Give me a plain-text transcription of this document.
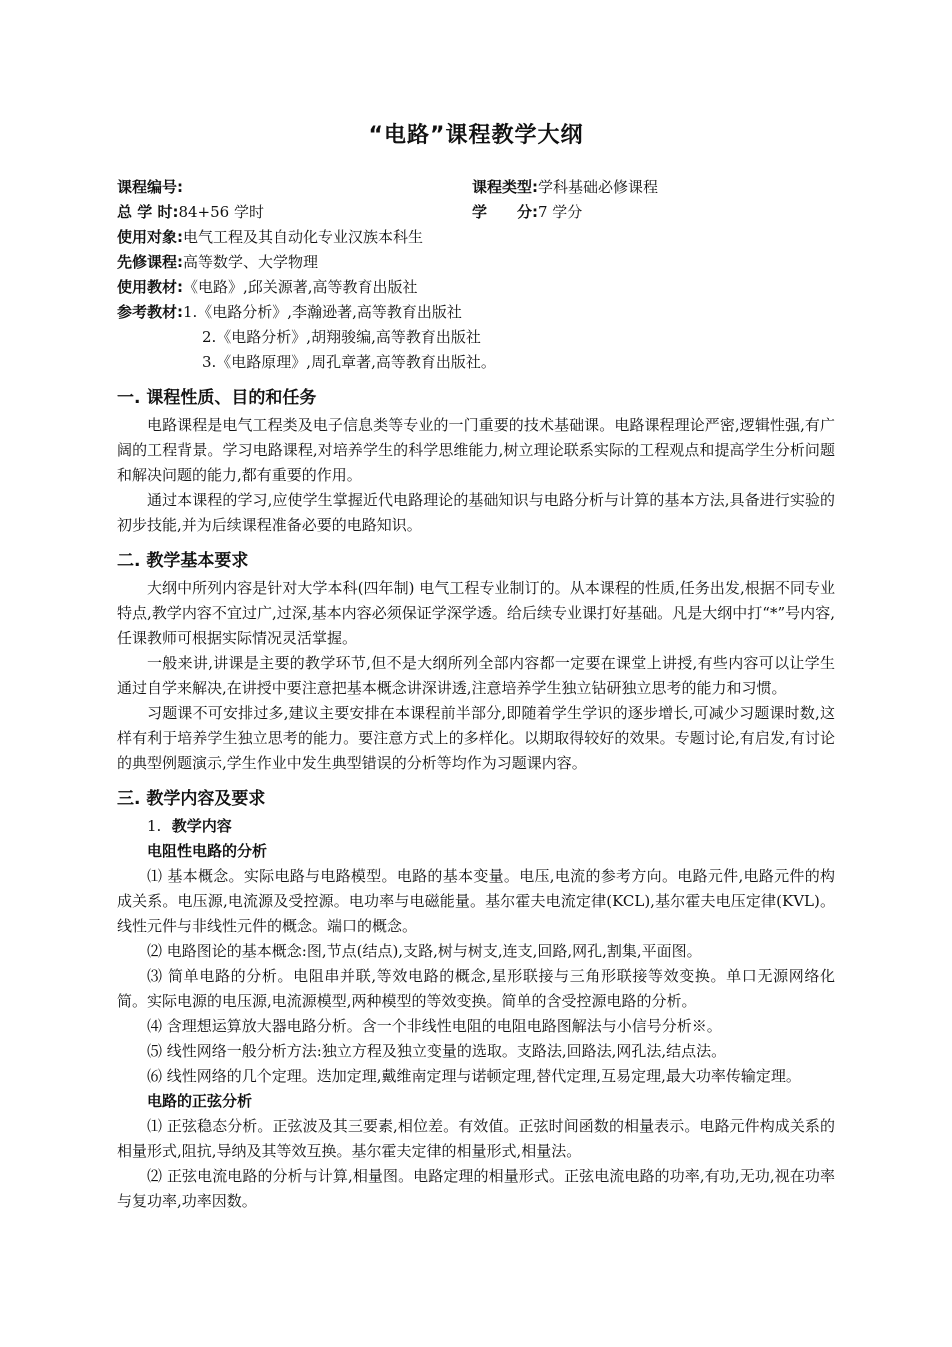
“电路”课程教学大纲
课程编号:	课程类型:学科基础必修课程
总 学 时:84+56 学时	学　　分:7 学分
使用对象:电气工程及其自动化专业汉族本科生
先修课程:高等数学、大学物理
使用教材:《电路》,邱关源著,高等教育出版社
参考教材:1.《电路分析》,李瀚逊著,高等教育出版社
2.《电路分析》,胡翔骏编,高等教育出版社
3.《电路原理》,周孔章著,高等教育出版社。
一. 课程性质、目的和任务

电路课程是电气工程类及电子信息类等专业的一门重要的技术基础课。电路课程理论严密,逻辑性强,有广阔的工程背景。学习电路课程,对培养学生的科学思维能力,树立理论联系实际的工程观点和提高学生分析问题和解决问题的能力,都有重要的作用。

通过本课程的学习,应使学生掌握近代电路理论的基础知识与电路分析与计算的基本方法,具备进行实验的初步技能,并为后续课程准备必要的电路知识。

二. 教学基本要求

大纲中所列内容是针对大学本科(四年制) 电气工程专业制订的。从本课程的性质,任务出发,根据不同专业特点,教学内容不宜过广,过深,基本内容必须保证学深学透。给后续专业课打好基础。凡是大纲中打“*”号内容,任课教师可根据实际情况灵活掌握。

一般来讲,讲课是主要的教学环节,但不是大纲所列全部内容都一定要在课堂上讲授,有些内容可以让学生通过自学来解决,在讲授中要注意把基本概念讲深讲透,注意培养学生独立钻研独立思考的能力和习惯。

习题课不可安排过多,建议主要安排在本课程前半部分,即随着学生学识的逐步增长,可减少习题课时数,这样有利于培养学生独立思考的能力。要注意方式上的多样化。以期取得较好的效果。专题讨论,有启发,有讨论的典型例题演示,学生作业中发生典型错误的分析等均作为习题课内容。

三. 教学内容及要求
1. 教学内容
电阻性电路的分析

⑴ 基本概念。实际电路与电路模型。电路的基本变量。电压,电流的参考方向。电路元件,电路元件的构成关系。电压源,电流源及受控源。电功率与电磁能量。基尔霍夫电流定律(KCL),基尔霍夫电压定律(KVL)。线性元件与非线性元件的概念。端口的概念。

⑵ 电路图论的基本概念:图,节点(结点),支路,树与树支,连支,回路,网孔,割集,平面图。

⑶ 简单电路的分析。电阻串并联,等效电路的概念,星形联接与三角形联接等效变换。单口无源网络化简。实际电源的电压源,电流源模型,两种模型的等效变换。简单的含受控源电路的分析。

⑷ 含理想运算放大器电路分析。含一个非线性电阻的电阻电路图解法与小信号分析※。

⑸ 线性网络一般分析方法:独立方程及独立变量的选取。支路法,回路法,网孔法,结点法。

⑹ 线性网络的几个定理。迭加定理,戴维南定理与诺顿定理,替代定理,互易定理,最大功率传输定理。

电路的正弦分析

⑴ 正弦稳态分析。正弦波及其三要素,相位差。有效值。正弦时间函数的相量表示。电路元件构成关系的相量形式,阻抗,导纳及其等效互换。基尔霍夫定律的相量形式,相量法。

⑵ 正弦电流电路的分析与计算,相量图。电路定理的相量形式。正弦电流电路的功率,有功,无功,视在功率与复功率,功率因数。
